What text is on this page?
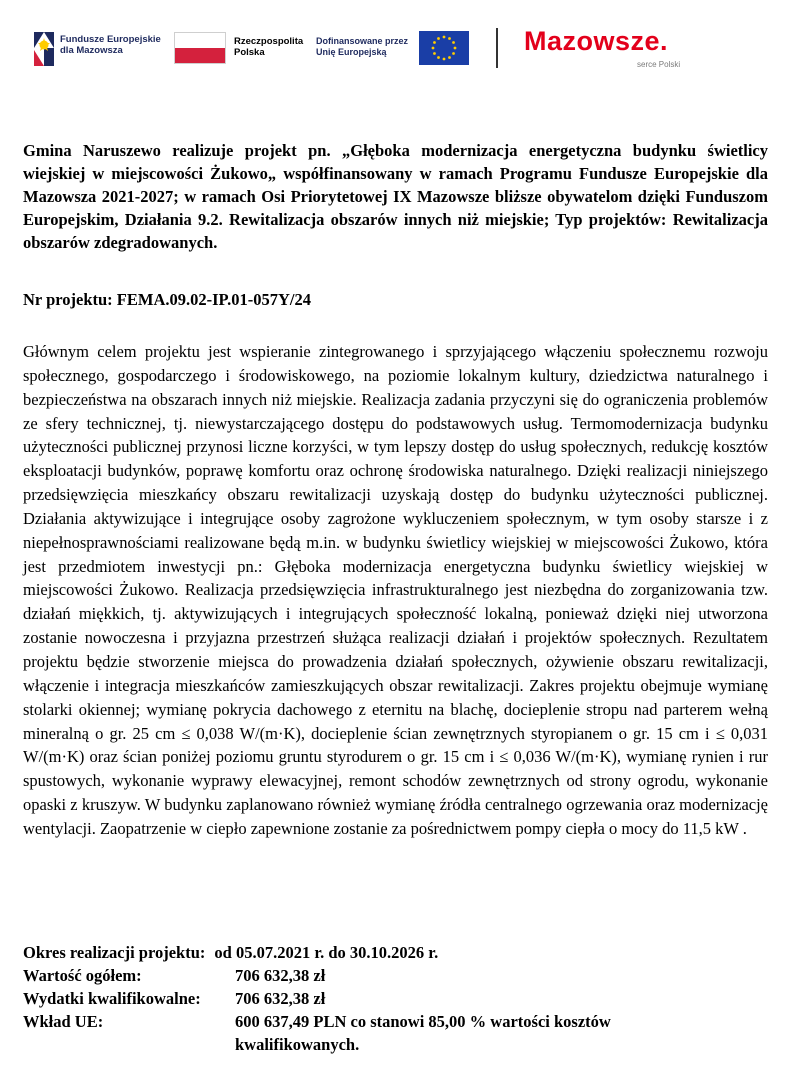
Fundusze Europejskie
dla Mazowsza
Rzeczpospolita
Polska
Dofinansowane przez
Unię Europejską	Mazowsze.
serce Polski
Gmina Naruszewo realizuje projekt pn. „Głęboka modernizacja energetyczna budynku świetlicy wiejskiej w miejscowości Żukowo„ współfinansowany w ramach Programu Fundusze Europejskie dla Mazowsza 2021-2027; w ramach Osi Priorytetowej IX Mazowsze bliższe obywatelom dzięki Funduszom Europejskim, Działania 9.2. Rewitalizacja obszarów innych niż miejskie; Typ projektów: Rewitalizacja obszarów zdegradowanych.
Nr projektu: FEMA.09.02-IP.01-057Y/24
Głównym celem projektu jest wspieranie zintegrowanego i sprzyjającego włączeniu społecznemu rozwoju społecznego, gospodarczego i środowiskowego, na poziomie lokalnym kultury, dziedzictwa naturalnego i bezpieczeństwa na obszarach innych niż miejskie. Realizacja zadania przyczyni się do ograniczenia problemów ze sfery technicznej, tj. niewystarczającego dostępu do podstawowych usług. Termomodernizacja budynku użyteczności publicznej przynosi liczne korzyści, w tym lepszy dostęp do usług społecznych, redukcję kosztów eksploatacji budynków, poprawę komfortu oraz ochronę środowiska naturalnego. Dzięki realizacji niniejszego przedsięwzięcia mieszkańcy obszaru rewitalizacji uzyskają dostęp do budynku użyteczności publicznej. Działania aktywizujące i integrujące osoby zagrożone wykluczeniem społecznym, w tym osoby starsze i z niepełnosprawnościami realizowane będą m.in. w budynku świetlicy wiejskiej w miejscowości Żukowo, która jest przedmiotem inwestycji pn.: Głęboka modernizacja energetyczna budynku świetlicy wiejskiej w miejscowości Żukowo. Realizacja przedsięwzięcia infrastrukturalnego jest niezbędna do zorganizowania tzw. działań miękkich, tj. aktywizujących i integrujących społeczność lokalną, ponieważ dzięki niej utworzona zostanie nowoczesna i przyjazna przestrzeń służąca realizacji działań i projektów społecznych. Rezultatem projektu będzie stworzenie miejsca do prowadzenia działań społecznych, ożywienie obszaru rewitalizacji, włączenie i integracja mieszkańców zamieszkujących obszar rewitalizacji. Zakres projektu obejmuje wymianę stolarki okiennej; wymianę pokrycia dachowego z eternitu na blachę, docieplenie stropu nad parterem wełną mineralną o gr. 25 cm ≤ 0,038 W/(m·K), docieplenie ścian zewnętrznych styropianem o gr. 15 cm i ≤ 0,031 W/(m·K) oraz ścian poniżej poziomu gruntu styrodurem o gr. 15 cm i ≤ 0,036 W/(m·K), wymianę rynien i rur spustowych, wykonanie wyprawy elewacyjnej, remont schodów zewnętrznych od strony ogrodu, wykonanie opaski z kruszyw. W budynku zaplanowano również wymianę źródła centralnego ogrzewania oraz modernizację wentylacji. Zaopatrzenie w ciepło zapewnione zostanie za pośrednictwem pompy ciepła o mocy do 11,5 kW .
Okres realizacji projektu: od 05.07.2021 r. do 30.10.2026 r.
Wartość ogółem:	706 632,38 zł
Wydatki kwalifikowalne:	706 632,38 zł
Wkład UE:	600 637,49 PLN co stanowi 85,00 % wartości kosztów kwalifikowanych.
